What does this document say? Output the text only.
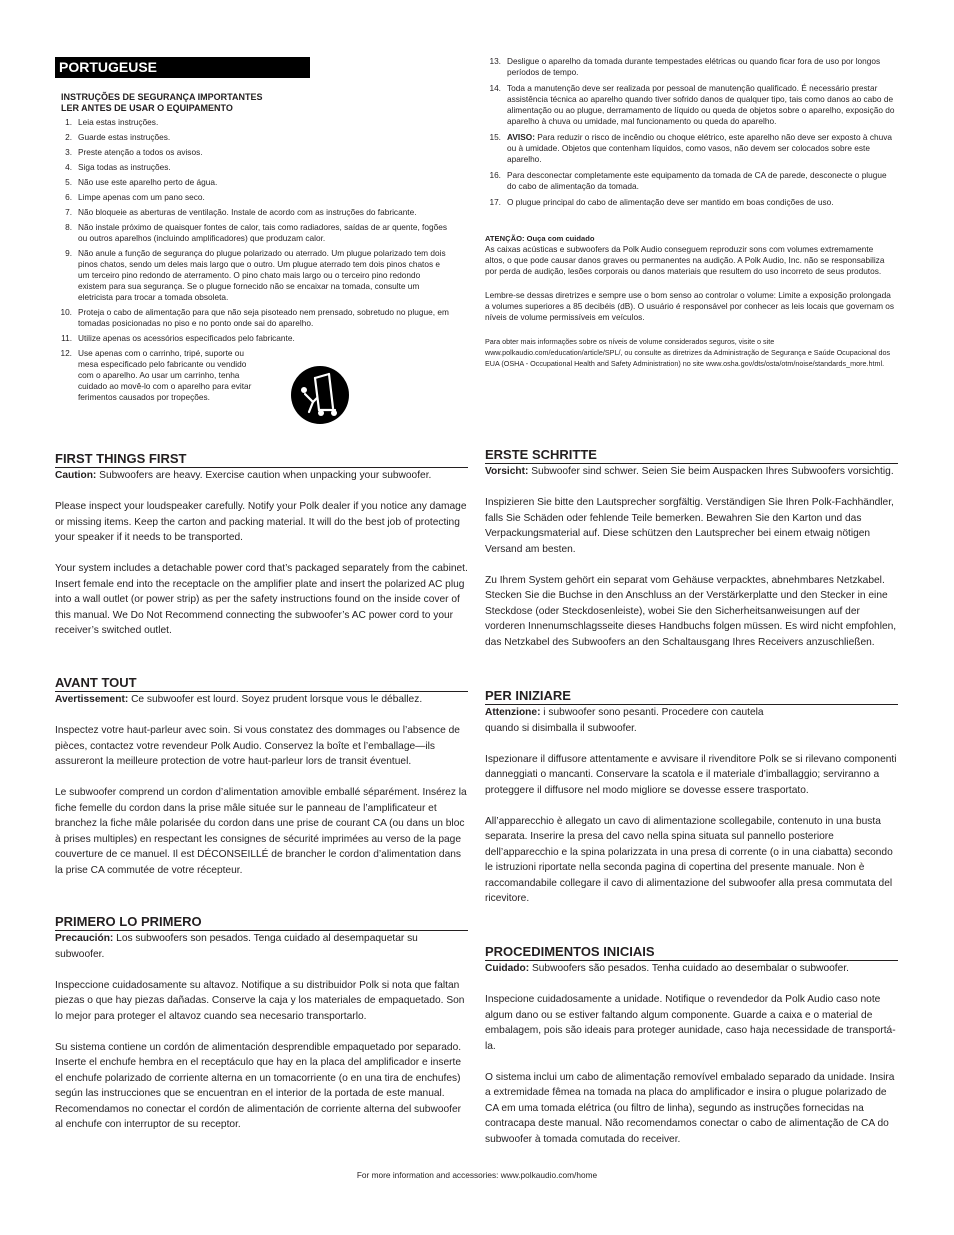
PORTUGEUSE
INSTRUÇÕES DE SEGURANÇA IMPORTANTES
LER ANTES DE USAR O EQUIPAMENTO
1. Leia estas instruções.
2. Guarde estas instruções.
3. Preste atenção a todos os avisos.
4. Siga todas as instruções.
5. Não use este aparelho perto de água.
6. Limpe apenas com um pano seco.
7. Não bloqueie as aberturas de ventilação. Instale de acordo com as instruções do fabricante.
8. Não instale próximo de quaisquer fontes de calor, tais como radiadores, saídas de ar quente, fogões ou outros aparelhos (incluindo amplificadores) que produzam calor.
9. Não anule a função de segurança do plugue polarizado ou aterrado. Um plugue polarizado tem dois pinos chatos, sendo um deles mais largo que o outro. Um plugue aterrado tem dois pinos chatos e um terceiro pino redondo de aterramento. O pino chato mais largo ou o terceiro pino redondo existem para sua segurança. Se o plugue fornecido não se encaixar na tomada, consulte um eletricista para trocar a tomada obsoleta.
10. Proteja o cabo de alimentação para que não seja pisoteado nem prensado, sobretudo no plugue, em tomadas posicionadas no piso e no ponto onde sai do aparelho.
11. Utilize apenas os acessórios especificados pelo fabricante.
12. Use apenas com o carrinho, tripé, suporte ou mesa especificado pelo fabricante ou vendido com o aparelho. Ao usar um carrinho, tenha cuidado ao movê-lo com o aparelho para evitar ferimentos causados por tropeções.
13. Desligue o aparelho da tomada durante tempestades elétricas ou quando ficar fora de uso por longos períodos de tempo.
14. Toda a manutenção deve ser realizada por pessoal de manutenção qualificado. É necessário prestar assistência técnica ao aparelho quando tiver sofrido danos de qualquer tipo, tais como danos ao cabo de alimentação ou ao plugue, derramamento de líquido ou queda de objetos sobre o aparelho, exposição do aparelho à chuva ou umidade, mal funcionamento ou queda do aparelho.
15. AVISO: Para reduzir o risco de incêndio ou choque elétrico, este aparelho não deve ser exposto à chuva ou à umidade. Objetos que contenham líquidos, como vasos, não devem ser colocados sobre este aparelho.
16. Para desconectar completamente este equipamento da tomada de CA de parede, desconecte o plugue do cabo de alimentação da tomada.
17. O plugue principal do cabo de alimentação deve ser mantido em boas condições de uso.
ATENÇÃO: Ouça com cuidado
As caixas acústicas e subwoofers da Polk Audio conseguem reproduzir sons com volumes extremamente altos, o que pode causar danos graves ou permanentes na audição. A Polk Audio, Inc. não se responsabiliza por perda de audição, lesões corporais ou danos materiais que resultem do uso incorreto de seus produtos.
Lembre-se dessas diretrizes e sempre use o bom senso ao controlar o volume: Limite a exposição prolongada a volumes superiores a 85 decibéis (dB). O usuário é responsável por conhecer as leis locais que governam os níveis de volume permissíveis em veículos.
Para obter mais informações sobre os níveis de volume considerados seguros, visite o site www.polkaudio.com/education/article/SPL/, ou consulte as diretrizes da Administração de Segurança e Saúde Ocupacional dos EUA (OSHA - Occupational Health and Safety Administration) no site www.osha.gov/dts/osta/otm/noise/standards_more.html.
FIRST THINGS FIRST

Caution: Subwoofers are heavy. Exercise caution when unpacking your subwoofer.

Please inspect your loudspeaker carefully. Notify your Polk dealer if you notice any damage or missing items. Keep the carton and packing material. It will do the best job of protecting your speaker if it needs to be transported.

Your system includes a detachable power cord that’s packaged separately from the cabinet. Insert female end into the receptacle on the amplifier plate and insert the polarized AC plug into a wall outlet (or power strip) as per the safety instructions found on the inside cover of this manual. We Do Not Recommend connecting the subwoofer’s AC power cord to your receiver’s switched outlet.

AVANT TOUT

Avertissement: Ce subwoofer est lourd. Soyez prudent lorsque vous le déballez.

Inspectez votre haut-parleur avec soin. Si vous constatez des dommages ou l’absence de pièces, contactez votre revendeur Polk Audio. Conservez la boîte et l’emballage—ils assureront la meilleure protection de votre haut-parleur lors de transit éventuel.

Le subwoofer comprend un cordon d’alimentation amovible emballé séparément. Insérez la fiche femelle du cordon dans la prise mâle située sur le panneau de l’amplificateur et branchez la fiche mâle polarisée du cordon dans une prise de courant CA (ou dans un bloc à prises multiples) en respectant les consignes de sécurité imprimées au verso de la page couverture de ce manuel. Il est DÉCONSEILLÉ de brancher le cordon d’alimentation dans la prise CA commutée de votre récepteur.

PRIMERO LO PRIMERO

Precaución: Los subwoofers son pesados. Tenga cuidado al desempaquetar su subwoofer.

Inspeccione cuidadosamente su altavoz. Notifique a su distribuidor Polk si nota que faltan piezas o que hay piezas dañadas. Conserve la caja y los materiales de empaquetado. Son lo mejor para proteger el altavoz cuando sea necesario transportarlo.

Su sistema contiene un cordón de alimentación desprendible empaquetado por separado. Inserte el enchufe hembra en el receptáculo que hay en la placa del amplificador e inserte el enchufe polarizado de corriente alterna en un tomacorriente (o en una tira de enchufes) según las instrucciones que se encuentran en el interior de la portada de este manual. Recomendamos no conectar el cordón de alimentación de corriente alterna del subwoofer al enchufe con interruptor de su receptor.

ERSTE SCHRITTE

Vorsicht: Subwoofer sind schwer. Seien Sie beim Auspacken Ihres Subwoofers vorsichtig.

Inspizieren Sie bitte den Lautsprecher sorgfältig. Verständigen Sie Ihren Polk-Fachhändler, falls Sie Schäden oder fehlende Teile bemerken. Bewahren Sie den Karton und das Verpackungsmaterial auf. Diese schützen den Lautsprecher bei einem etwaig nötigen Versand am besten.

Zu Ihrem System gehört ein separat vom Gehäuse verpacktes, abnehmbares Netzkabel. Stecken Sie die Buchse in den Anschluss an der Verstärkerplatte und den Stecker in eine Steckdose (oder Steckdosenleiste), wobei Sie den Sicherheitsanweisungen auf der vorderen Innenumschlagsseite dieses Handbuchs folgen müssen. Es wird nicht empfohlen, das Netzkabel des Subwoofers an den Schaltausgang Ihres Receivers anzuschließen.

PER INIZIARE

Attenzione: i subwoofer sono pesanti. Procedere con cautela quando si disimballa il subwoofer.

Ispezionare il diffusore attentamente e avvisare il rivenditore Polk se si rilevano componenti danneggiati o mancanti. Conservare la scatola e il materiale d’imballaggio; serviranno a proteggere il diffusore nel modo migliore se dovesse essere trasportato.

All’apparecchio è allegato un cavo di alimentazione scollegabile, contenuto in una busta separata. Inserire la presa del cavo nella spina situata sul pannello posteriore dell’apparecchio e la spina polarizzata in una presa di corrente (o in una ciabatta) secondo le istruzioni riportate nella seconda pagina di copertina del presente manuale. Non è raccomandabile collegare il cavo di alimentazione del subwoofer alla presa commutata del ricevitore.

PROCEDIMENTOS INICIAIS

Cuidado: Subwoofers são pesados. Tenha cuidado ao desembalar o subwoofer.

Inspecione cuidadosamente a unidade. Notifique o revendedor da Polk Audio caso note algum dano ou se estiver faltando algum componente. Guarde a caixa e o material de embalagem, pois são ideais para proteger aunidade, caso haja necessidade de transportá-la.

O sistema inclui um cabo de alimentação removível embalado separado da unidade. Insira a extremidade fêmea na tomada na placa do amplificador e insira o plugue polarizado de CA em uma tomada elétrica (ou filtro de linha), segundo as instruções fornecidas na contracapa deste manual. Não recomendamos conectar o cabo de alimentação de CA do subwoofer à tomada comutada do receiver.

For more information and accessories: www.polkaudio.com/home
